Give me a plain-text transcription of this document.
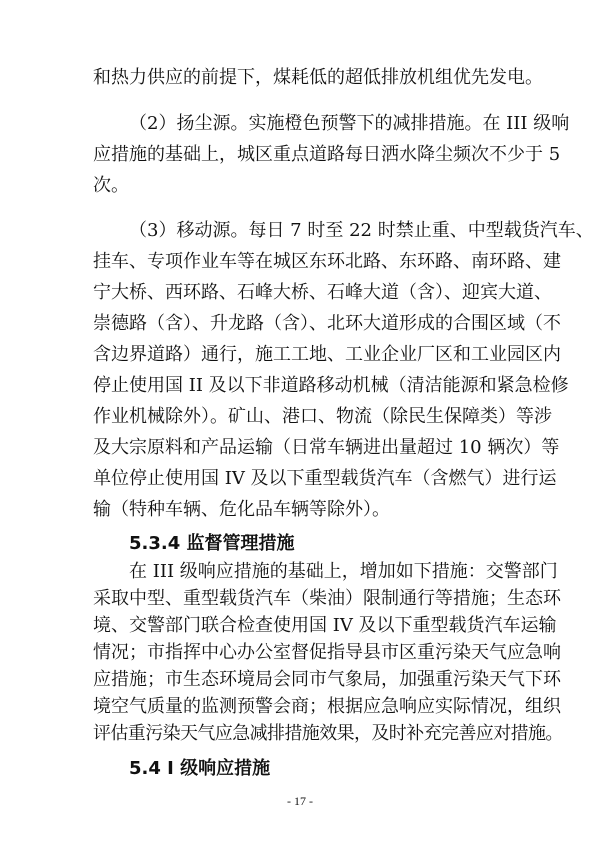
和热力供应的前提下，煤耗低的超低排放机组优先发电。
（2）扬尘源。实施橙色预警下的减排措施。在 III 级响
应措施的基础上，城区重点道路每日洒水降尘频次不少于 5
次。
（3）移动源。每日 7 时至 22 时禁止重、中型载货汽车、
挂车、专项作业车等在城区东环北路、东环路、南环路、建
宁大桥、西环路、石峰大桥、石峰大道（含）、迎宾大道、
崇德路（含）、升龙路（含）、北环大道形成的合围区域（不
含边界道路）通行，施工工地、工业企业厂区和工业园区内
停止使用国 II 及以下非道路移动机械（清洁能源和紧急检修
作业机械除外）。矿山、港口、物流（除民生保障类）等涉
及大宗原料和产品运输（日常车辆进出量超过 10 辆次）等
单位停止使用国 IV 及以下重型载货汽车（含燃气）进行运
输（特种车辆、危化品车辆等除外）。
5.3.4 监督管理措施
在 III 级响应措施的基础上，增加如下措施：交警部门
采取中型、重型载货汽车（柴油）限制通行等措施；生态环
境、交警部门联合检查使用国 IV 及以下重型载货汽车运输
情况；市指挥中心办公室督促指导县市区重污染天气应急响
应措施；市生态环境局会同市气象局，加强重污染天气下环
境空气质量的监测预警会商；根据应急响应实际情况，组织
评估重污染天气应急减排措施效果，及时补充完善应对措施。
- 17 -
5.4 I 级响应措施
